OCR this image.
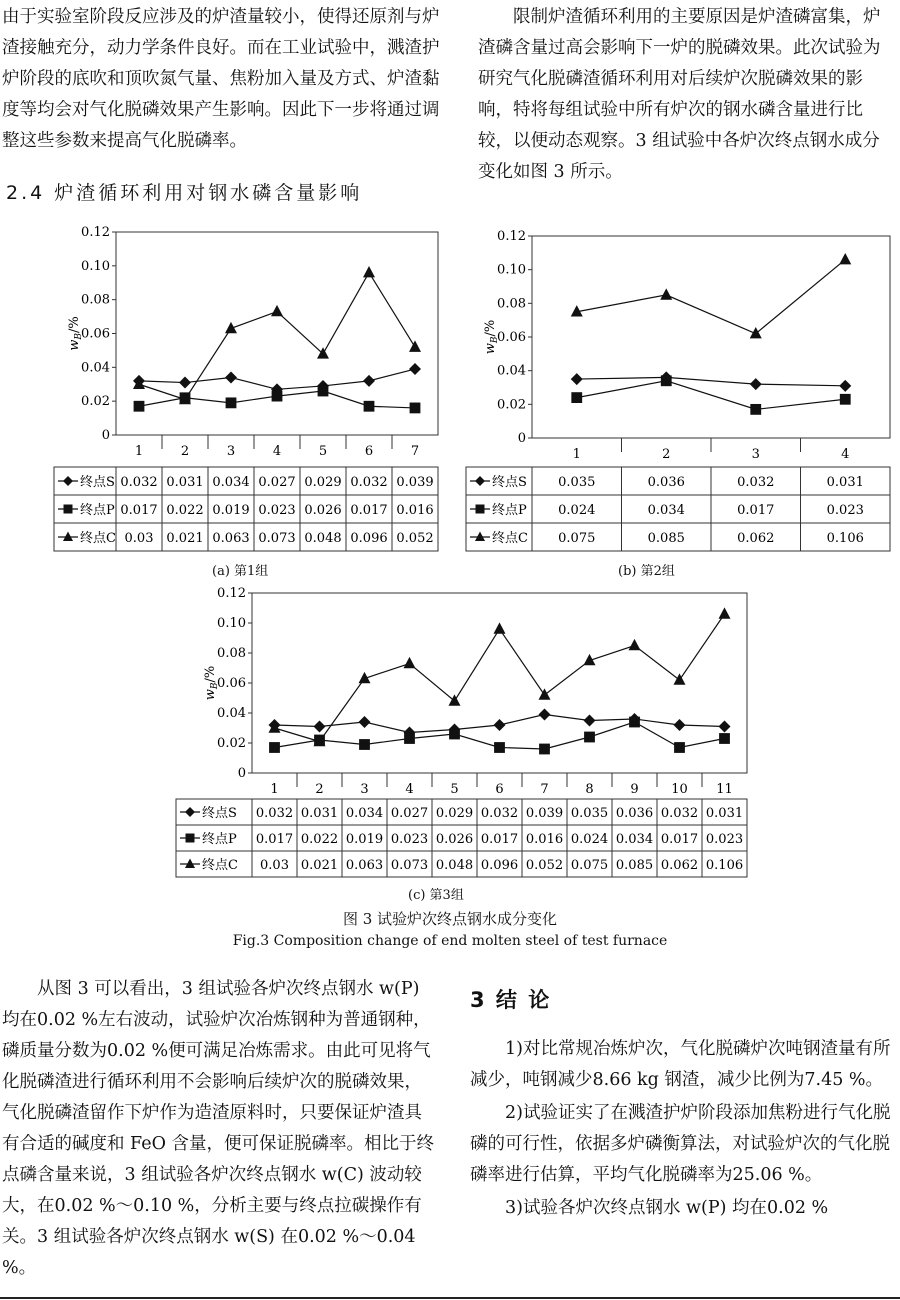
由于实验室阶段反应涉及的炉渣量较小，使得还原剂与炉渣接触充分，动力学条件良好。而在工业试验中，溅渣护炉阶段的底吹和顶吹氮气量、焦粉加入量及方式、炉渣黏度等均会对气化脱磷效果产生影响。因此下一步将通过调整这些参数来提高气化脱磷率。

限制炉渣循环利用的主要原因是炉渣磷富集，炉渣磷含量过高会影响下一炉的脱磷效果。此次试验为研究气化脱磷渣循环利用对后续炉次脱磷效果的影响，特将每组试验中所有炉次的钢水磷含量进行比较，以便动态观察。3 组试验中各炉次终点钢水成分变化如图 3 所示。

2.4 炉渣循环利用对钢水磷含量影响
0
0.02
0.04
0.06
0.08
0.10
0.12
$w_B/\%$
1	2	3	4	5	6	7
终点S 0.032 0.031 0.034 0.027 0.029 0.032 0.039
终点P 0.017 0.022 0.019 0.023 0.026 0.017 0.016
终点C 0.03 0.021 0.063 0.073 0.048 0.096 0.052
(a) 第1组
0
0.02
0.04
0.06
0.08
0.10
0.12
$w_B/\%$
1	2	3	4
终点S 0.035	0.036	0.032	0.031
终点P 0.024	0.034	0.017	0.023
终点C 0.075	0.085	0.062	0.106
(b) 第2组
0
0.02
0.04
0.06
0.08
0.10
0.12
$w_B/\%$
1	2	3	4	5	6	7	8	9	10 11
终点S 0.032 0.031 0.034 0.027 0.029 0.032 0.039 0.035 0.036 0.032 0.031
终点P 0.017 0.022 0.019 0.023 0.026 0.017 0.016 0.024 0.034 0.017 0.023
终点C 0.03 0.021 0.063 0.073 0.048 0.096 0.052 0.075 0.085 0.062 0.106
(c) 第3组
图 3 试验炉次终点钢水成分变化
Fig.3 Composition change of end molten steel of test furnace

从图 3 可以看出，3 组试验各炉次终点钢水 w(P) 均在0.02 %左右波动，试验炉次冶炼钢种为普通钢种，磷质量分数为0.02 %便可满足冶炼需求。由此可见将气化脱磷渣进行循环利用不会影响后续炉次的脱磷效果，气化脱磷渣留作下炉作为造渣原料时，只要保证炉渣具有合适的碱度和 FeO 含量，便可保证脱磷率。相比于终点磷含量来说，3 组试验各炉次终点钢水 w(C) 波动较大，在0.02 %～0.10 %，分析主要与终点拉碳操作有关。3 组试验各炉次终点钢水 w(S) 在0.02 %～0.04 %。

3 结 论

1)对比常规冶炼炉次，气化脱磷炉次吨钢渣量有所减少，吨钢减少8.66 kg 钢渣，减少比例为7.45 %。

2)试验证实了在溅渣护炉阶段添加焦粉进行气化脱磷的可行性，依据多炉磷衡算法，对试验炉次的气化脱磷率进行估算，平均气化脱磷率为25.06 %。

3)试验各炉次终点钢水 w(P) 均在0.02 %
